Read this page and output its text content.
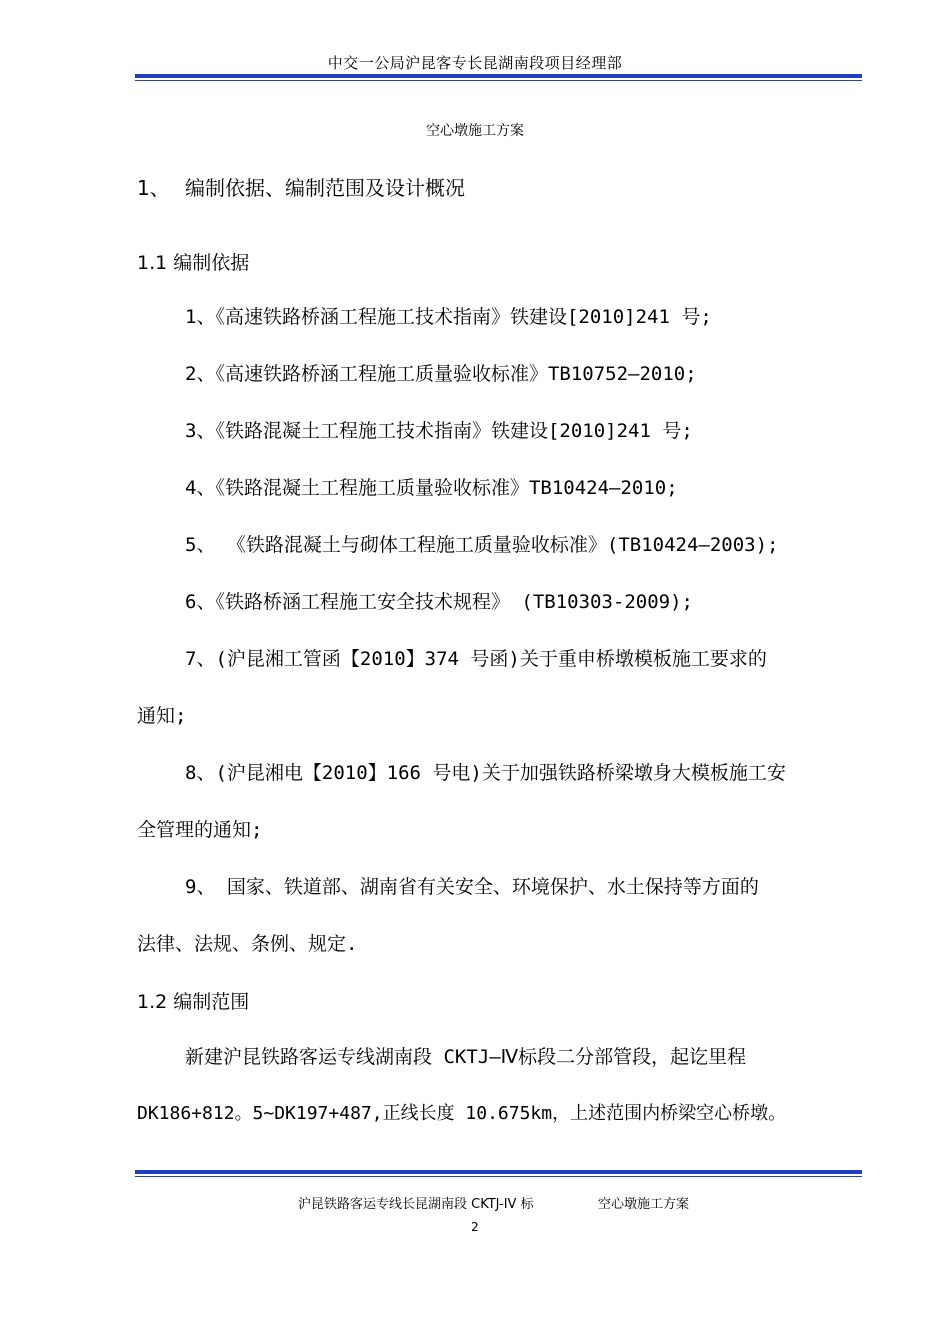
中交一公局沪昆客专长昆湖南段项目经理部
空心墩施工方案
1、 编制依据、编制范围及设计概况
1.1 编制依据
1、《高速铁路桥涵工程施工技术指南》铁建设[2010]241 号;
2、《高速铁路桥涵工程施工质量验收标准》TB10752—2010;
3、《铁路混凝土工程施工技术指南》铁建设[2010]241 号;
4、《铁路混凝土工程施工质量验收标准》TB10424—2010;
5、 《铁路混凝土与砌体工程施工质量验收标准》(TB10424—2003);
6、《铁路桥涵工程施工安全技术规程》 (TB10303-2009);
7、(沪昆湘工管函【2010】374 号函)关于重申桥墩模板施工要求的
通知;
8、(沪昆湘电【2010】166 号电)关于加强铁路桥梁墩身大模板施工安
全管理的通知;
9、 国家、铁道部、湖南省有关安全、环境保护、水土保持等方面的
法律、法规、条例、规定.
1.2 编制范围
新建沪昆铁路客运专线湖南段 CKTJ—Ⅳ标段二分部管段，起讫里程
DK186+812。5~DK197+487,正线长度 10.675km，上述范围内桥梁空心桥墩。
沪昆铁路客运专线长昆湖南段 CKTJ-IV 标	空心墩施工方案
2
